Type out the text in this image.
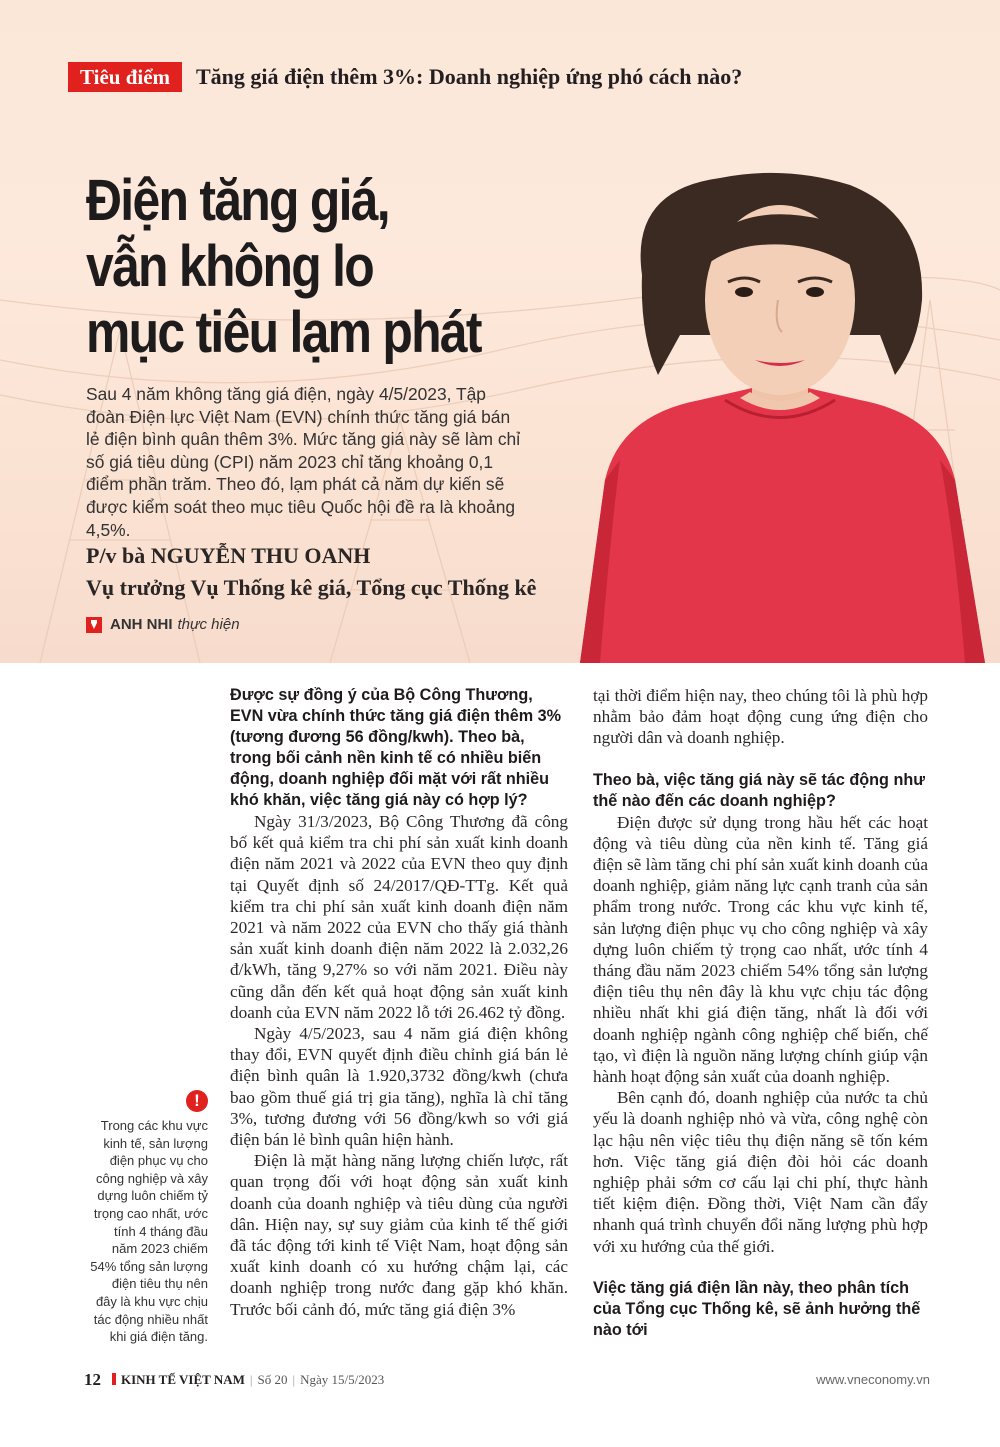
Tiêu điểm	Tăng giá điện thêm 3%: Doanh nghiệp ứng phó cách nào?
Điện tăng giá,
vẫn không lo
mục tiêu lạm phát
Sau 4 năm không tăng giá điện, ngày 4/5/2023, Tập đoàn Điện lực Việt Nam (EVN) chính thức tăng giá bán lẻ điện bình quân thêm 3%. Mức tăng giá này sẽ làm chỉ số giá tiêu dùng (CPI) năm 2023 chỉ tăng khoảng 0,1 điểm phần trăm. Theo đó, lạm phát cả năm dự kiến sẽ được kiểm soát theo mục tiêu Quốc hội đề ra là khoảng 4,5%.
P/v bà NGUYỄN THU OANH
Vụ trưởng Vụ Thống kê giá, Tổng cục Thống kê
ANH NHI thực hiện

Được sự đồng ý của Bộ Công Thương, EVN vừa chính thức tăng giá điện thêm 3% (tương đương 56 đồng/kwh). Theo bà, trong bối cảnh nền kinh tế có nhiều biến động, doanh nghiệp đối mặt với rất nhiều khó khăn, việc tăng giá này có hợp lý?

Ngày 31/3/2023, Bộ Công Thương đã công bố kết quả kiểm tra chi phí sản xuất kinh doanh điện năm 2021 và 2022 của EVN theo quy định tại Quyết định số 24/2017/QĐ-TTg. Kết quả kiểm tra chi phí sản xuất kinh doanh điện năm 2021 và năm 2022 của EVN cho thấy giá thành sản xuất kinh doanh điện năm 2022 là 2.032,26 đ/kWh, tăng 9,27% so với năm 2021. Điều này cũng dẫn đến kết quả hoạt động sản xuất kinh doanh của EVN năm 2022 lỗ tới 26.462 tỷ đồng.

Ngày 4/5/2023, sau 4 năm giá điện không thay đổi, EVN quyết định điều chỉnh giá bán lẻ điện bình quân là 1.920,3732 đồng/kwh (chưa bao gồm thuế giá trị gia tăng), nghĩa là chỉ tăng 3%, tương đương với 56 đồng/kwh so với giá điện bán lẻ bình quân hiện hành.

Điện là mặt hàng năng lượng chiến lược, rất quan trọng đối với hoạt động sản xuất kinh doanh của doanh nghiệp và tiêu dùng của người dân. Hiện nay, sự suy giảm của kinh tế thế giới đã tác động tới kinh tế Việt Nam, hoạt động sản xuất kinh doanh có xu hướng chậm lại, các doanh nghiệp trong nước đang gặp khó khăn. Trước bối cảnh đó, mức tăng giá điện 3%

tại thời điểm hiện nay, theo chúng tôi là phù hợp nhằm bảo đảm hoạt động cung ứng điện cho người dân và doanh nghiệp.

Theo bà, việc tăng giá này sẽ tác động như thế nào đến các doanh nghiệp?

Điện được sử dụng trong hầu hết các hoạt động và tiêu dùng của nền kinh tế. Tăng giá điện sẽ làm tăng chi phí sản xuất kinh doanh của doanh nghiệp, giảm năng lực cạnh tranh của sản phẩm trong nước. Trong các khu vực kinh tế, sản lượng điện phục vụ cho công nghiệp và xây dựng luôn chiếm tỷ trọng cao nhất, ước tính 4 tháng đầu năm 2023 chiếm 54% tổng sản lượng điện tiêu thụ nên đây là khu vực chịu tác động nhiều nhất khi giá điện tăng, nhất là đối với doanh nghiệp ngành công nghiệp chế biến, chế tạo, vì điện là nguồn năng lượng chính giúp vận hành hoạt động sản xuất của doanh nghiệp.

Bên cạnh đó, doanh nghiệp của nước ta chủ yếu là doanh nghiệp nhỏ và vừa, công nghệ còn lạc hậu nên việc tiêu thụ điện năng sẽ tốn kém hơn. Việc tăng giá điện đòi hỏi các doanh nghiệp phải sớm cơ cấu lại chi phí, thực hành tiết kiệm điện. Đồng thời, Việt Nam cần đẩy nhanh quá trình chuyển đổi năng lượng phù hợp với xu hướng của thế giới.

Việc tăng giá điện lần này, theo phân tích của Tổng cục Thống kê, sẽ ảnh hưởng thế nào tới

!
Trong các khu vực kinh tế, sản lượng điện phục vụ cho công nghiệp và xây dựng luôn chiếm tỷ trọng cao nhất, ước tính 4 tháng đầu năm 2023 chiếm 54% tổng sản lượng điện tiêu thụ nên đây là khu vực chịu tác động nhiều nhất khi giá điện tăng.
12	KINH TẾ VIỆT NAM | Số 20 | Ngày 15/5/2023	www.vneconomy.vn
